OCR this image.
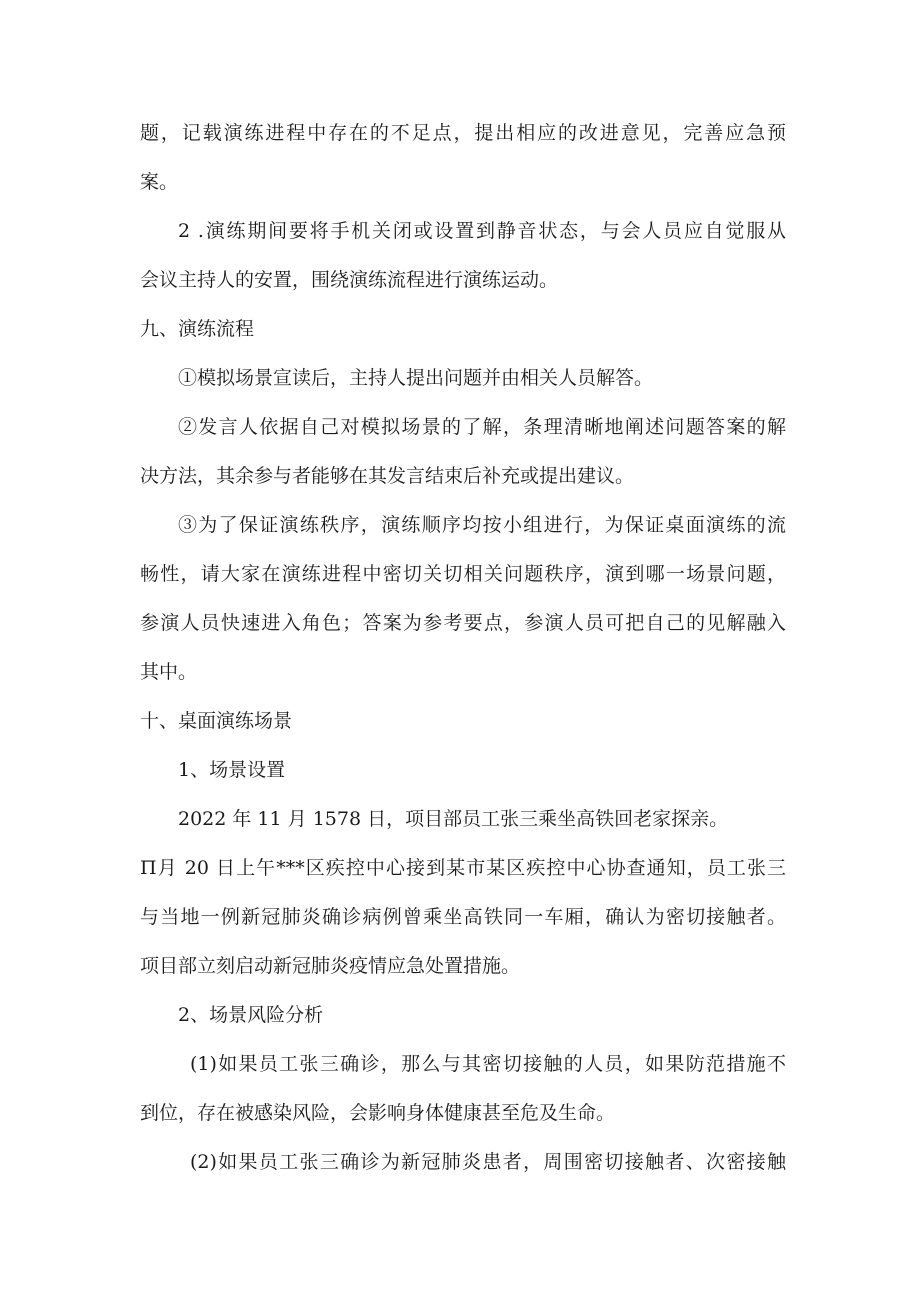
题，记载演练进程中存在的不足点，提出相应的改进意见，完善应急预
案。
2 .演练期间要将手机关闭或设置到静音状态，与会人员应自觉服从
会议主持人的安置，围绕演练流程进行演练运动。
九、演练流程
①模拟场景宣读后，主持人提出问题并由相关人员解答。
②发言人依据自己对模拟场景的了解，条理清晰地阐述问题答案的解
决方法，其余参与者能够在其发言结束后补充或提出建议。
③为了保证演练秩序，演练顺序均按小组进行，为保证桌面演练的流
畅性，请大家在演练进程中密切关切相关问题秩序，演到哪一场景问题，
参演人员快速进入角色；答案为参考要点，参演人员可把自己的见解融入
其中。
十、桌面演练场景
1、场景设置
2022 年 11 月 1578 日，项目部员工张三乘坐高铁回老家探亲。
Π月 20 日上午***区疾控中心接到某市某区疾控中心协查通知，员工张三
与当地一例新冠肺炎确诊病例曾乘坐高铁同一车厢，确认为密切接触者。
项目部立刻启动新冠肺炎疫情应急处置措施。
2、场景风险分析
(1)如果员工张三确诊，那么与其密切接触的人员，如果防范措施不
到位，存在被感染风险，会影响身体健康甚至危及生命。
(2)如果员工张三确诊为新冠肺炎患者，周围密切接触者、次密接触
